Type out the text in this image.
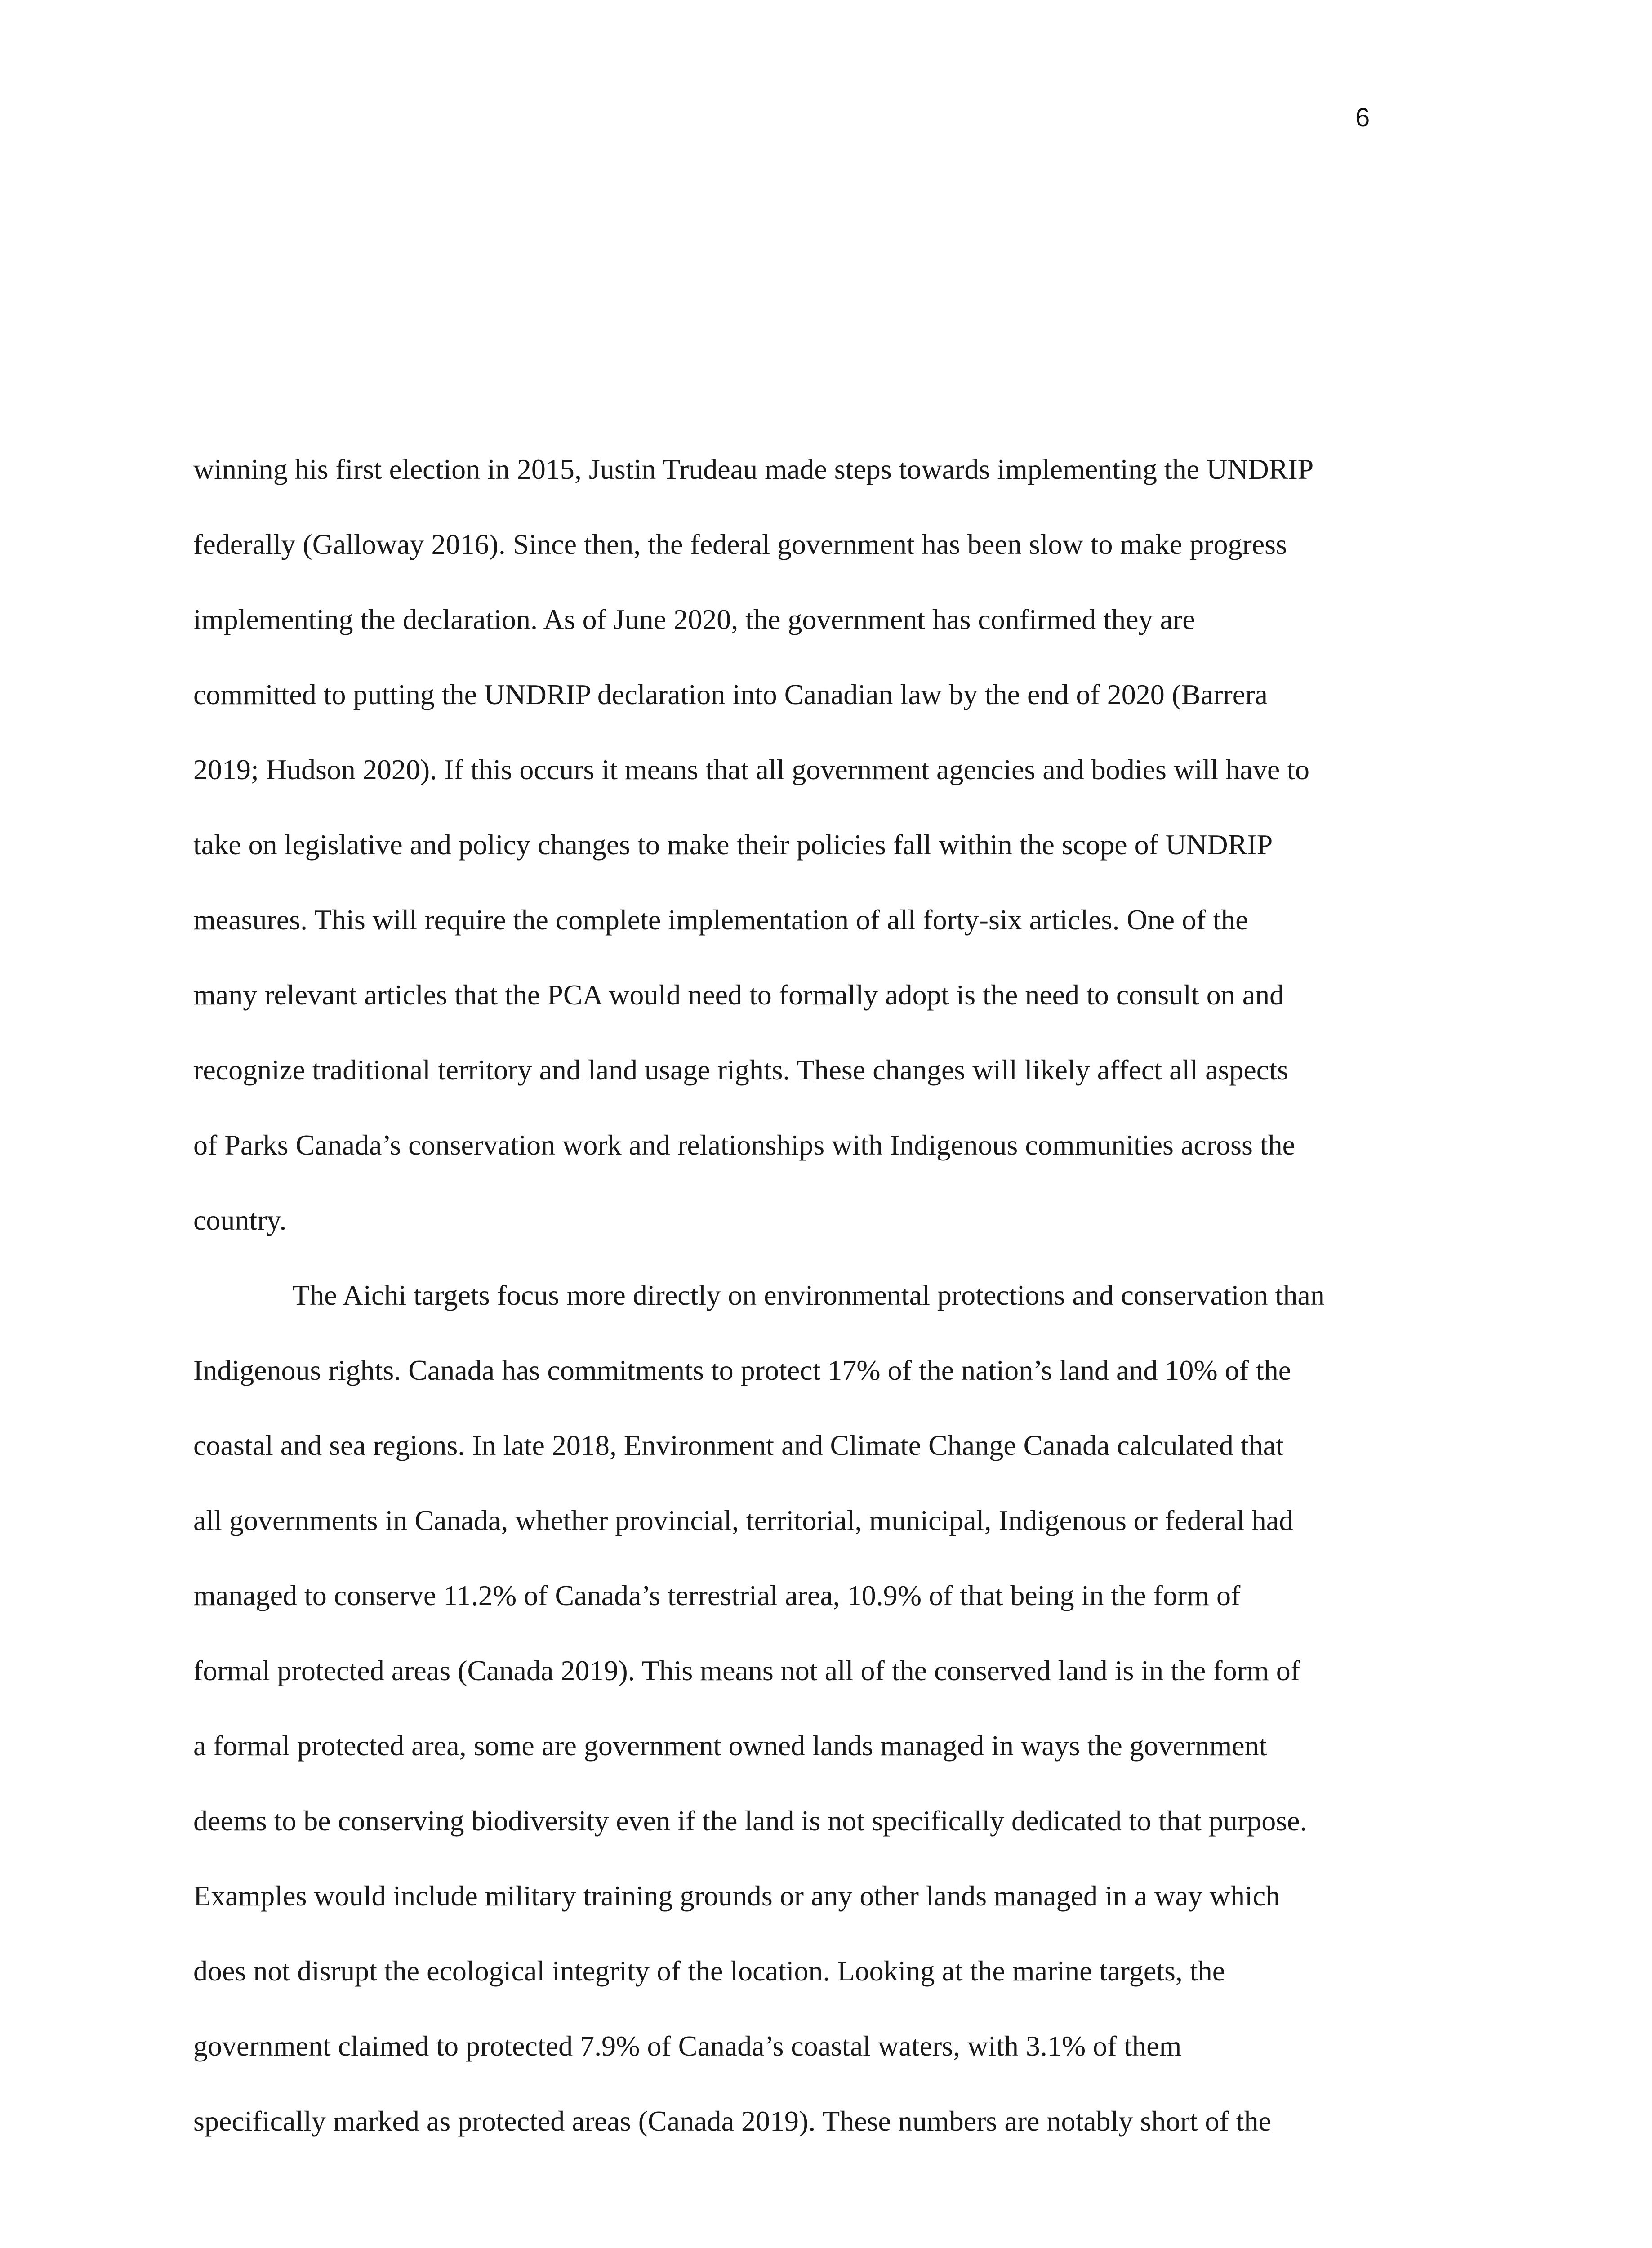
6

winning his first election in 2015, Justin Trudeau made steps towards implementing the UNDRIP
federally (Galloway 2016). Since then, the federal government has been slow to make progress
implementing the declaration. As of June 2020, the government has confirmed they are
committed to putting the UNDRIP declaration into Canadian law by the end of 2020 (Barrera
2019; Hudson 2020). If this occurs it means that all government agencies and bodies will have to
take on legislative and policy changes to make their policies fall within the scope of UNDRIP
measures. This will require the complete implementation of all forty-six articles. One of the
many relevant articles that the PCA would need to formally adopt is the need to consult on and
recognize traditional territory and land usage rights. These changes will likely affect all aspects
of Parks Canada’s conservation work and relationships with Indigenous communities across the
country.

The Aichi targets focus more directly on environmental protections and conservation than
Indigenous rights. Canada has commitments to protect 17% of the nation’s land and 10% of the
coastal and sea regions. In late 2018, Environment and Climate Change Canada calculated that
all governments in Canada, whether provincial, territorial, municipal, Indigenous or federal had
managed to conserve 11.2% of Canada’s terrestrial area, 10.9% of that being in the form of
formal protected areas (Canada 2019). This means not all of the conserved land is in the form of
a formal protected area, some are government owned lands managed in ways the government
deems to be conserving biodiversity even if the land is not specifically dedicated to that purpose.
Examples would include military training grounds or any other lands managed in a way which
does not disrupt the ecological integrity of the location. Looking at the marine targets, the
government claimed to protected 7.9% of Canada’s coastal waters, with 3.1% of them
specifically marked as protected areas (Canada 2019). These numbers are notably short of the
